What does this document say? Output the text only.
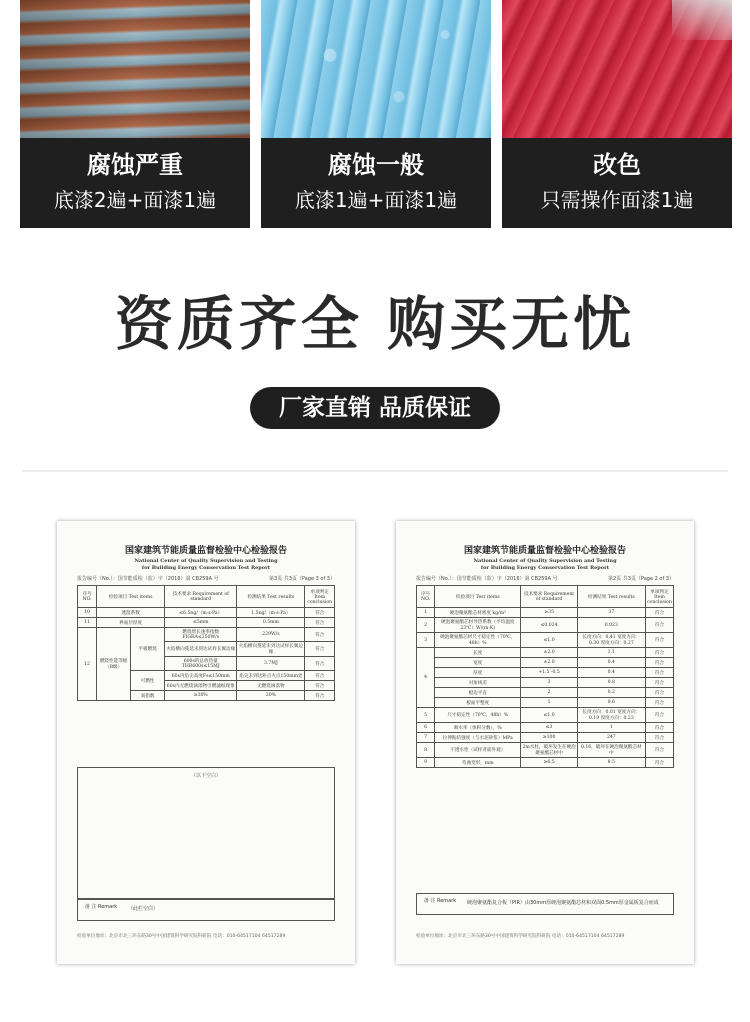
腐蚀严重
底漆2遍+面漆1遍
腐蚀一般
底漆1遍+面漆1遍
改色
只需操作面漆1遍
资质齐全 购买无忧
厂家直销 品质保证
国家建筑节能质量监督检验中心检验报告
National Center of Quality Supervision and Testing
for Building Energy Conservation Test Report
报告编号（No.）：国节能质检（监）字（2016）第 CB259A 号	第3页 共3页（Page 3 of 3）
序号 NO.	检验项目 Test items		技术要求 Requirement of standard	检测结果 Test results	单项判定 Item conclusion
10	透湿系数		≤6.5ng/（m·s·Pa）	1.5ng/（m·s·Pa）	符合
11	界面层厚度		≤5mm	0.5mm	符合
12	燃烧性能等级（B级）	平板燃烧	燃烧增长速率指数FIGRA≤250W/s	229W/s	符合
			火焰横向蔓延未到达试样长翼边缘	火焰横向蔓延未到达试样长翼边缘	符合
			600s的总放热量THR600s≤15MJ	3.7MJ	符合
		可燃性	60s内焰尖高度Fs≤150mm	焰尖未到达距点火点150mm处	符合
			60s内无燃烧滴落物引燃滤纸现象	无燃烧滴落物	符合
		氧指数	≥30%	30%	符合
（以下空白）
备 注 Remark	（此栏空白）
检验单位地址：北京市北三环东路30号中国建筑科学研究院科研院 电话：010-64517104 64517289
国家建筑节能质量监督检验中心检验报告
National Center of Quality Supervision and Testing
for Building Energy Conservation Test Report
报告编号（No.）：国节能质检（监）字（2016）第 CB259A 号	第2页 共3页（Page 2 of 3）
序号 NO.	检验项目 Test items	技术要求 Requirement of standard	检测结果 Test results	单项判定 Item conclusion
1	硬泡聚氨酯芯材密度 kg/m³	≥35	37	符合
2	硬泡聚氨酯芯材导热系数（平均温度23℃）W/(m·K)	≤0.024	0.023	符合
3	硬泡聚氨酯芯材尺寸稳定性（70℃，48h）%	≤1.0	长度方向：0.41 宽度方向：0.30 厚度方向：0.27	符合
4	长度	±2.0	1.1	符合
	宽度	±2.0	0.4	符合
	厚度	+1.5 -0.5	0.4	符合
	对角线差	3	0.8	符合
	板边平直	2	0.2	符合
	板面平整度	1	0.6	符合
5	尺寸稳定性（70℃，48h）%	≤1.0	长度方向：0.01 宽度方向：0.19 厚度方向：0.23	符合
6	吸水率（体积分数），%	≤3	1	符合
7	拉伸粘结强度（与水泥砂浆）MPa	≥100	247	符合
8	不透水性（试样背面外观）	2m水柱，破坏发生在硬泡聚氨酯芯材中	0.16，破坏在硬泡聚氨酯芯材中	符合
9	弯曲变形，mm	≥6.5	8.5	符合
备 注 Remark	硬泡聚氨酯复合板（PIR）由30mm厚硬泡聚氨酯芯材和双面0.5mm厚金属板复合而成
检验单位地址：北京市北三环东路30号中国建筑科学研究院科研院 电话：010-64517104 64517289
